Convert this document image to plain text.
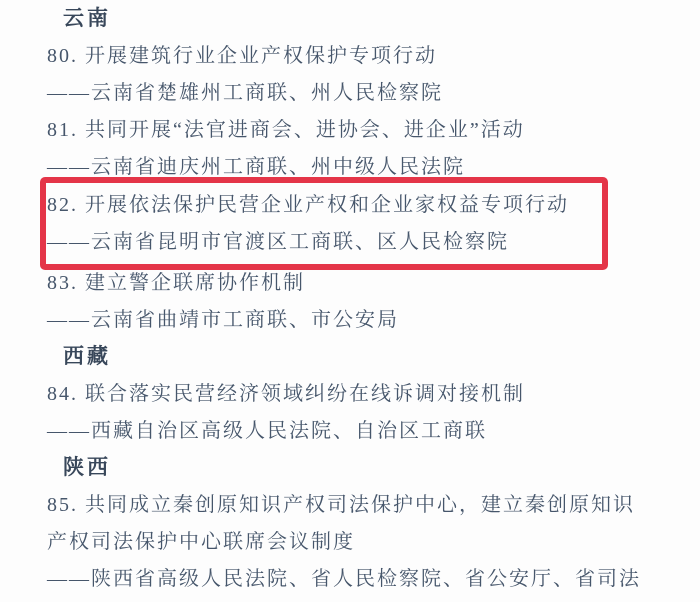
云南
80. 开展建筑行业企业产权保护专项行动
——云南省楚雄州工商联、州人民检察院
81. 共同开展“法官进商会、进协会、进企业”活动
——云南省迪庆州工商联、州中级人民法院
82. 开展依法保护民营企业产权和企业家权益专项行动
——云南省昆明市官渡区工商联、区人民检察院
83. 建立警企联席协作机制
——云南省曲靖市工商联、市公安局
西藏
84. 联合落实民营经济领域纠纷在线诉调对接机制
——西藏自治区高级人民法院、自治区工商联
陕西
85. 共同成立秦创原知识产权司法保护中心，建立秦创原知识
产权司法保护中心联席会议制度
——陕西省高级人民法院、省人民检察院、省公安厅、省司法
